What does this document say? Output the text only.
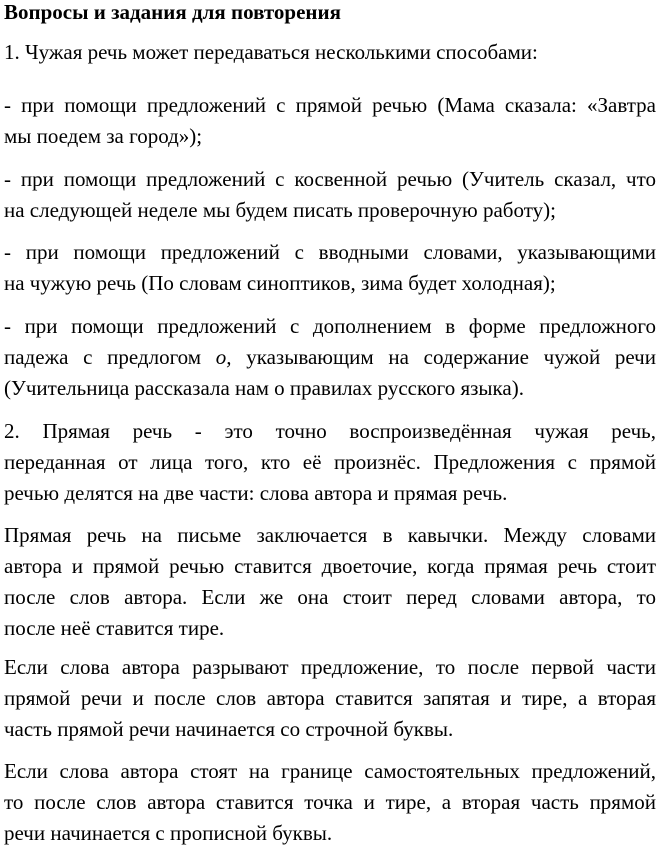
Вопросы и задания для повторения

1. Чужая речь может передаваться несколькими способами:

- при помощи предложений с прямой речью (Мама сказала: «Завтра
мы поедем за город»);

- при помощи предложений с косвенной речью (Учитель сказал, что
на следующей неделе мы будем писать проверочную работу);

- при помощи предложений с вводными словами, указывающими
на чужую речь (По словам синоптиков, зима будет холодная);

- при помощи предложений с дополнением в форме предложного
падежа с предлогом о, указывающим на содержание чужой речи
(Учительница рассказала нам о правилах русского языка).

2. Прямая речь - это точно воспроизведённая чужая речь,
переданная от лица того, кто её произнёс. Предложения с прямой
речью делятся на две части: слова автора и прямая речь.

Прямая речь на письме заключается в кавычки. Между словами
автора и прямой речью ставится двоеточие, когда прямая речь стоит
после слов автора. Если же она стоит перед словами автора, то
после неё ставится тире.

Если слова автора разрывают предложение, то после первой части
прямой речи и после слов автора ставится запятая и тире, а вторая
часть прямой речи начинается со строчной буквы.

Если слова автора стоят на границе самостоятельных предложений,
то после слов автора ставится точка и тире, а вторая часть прямой
речи начинается с прописной буквы.
